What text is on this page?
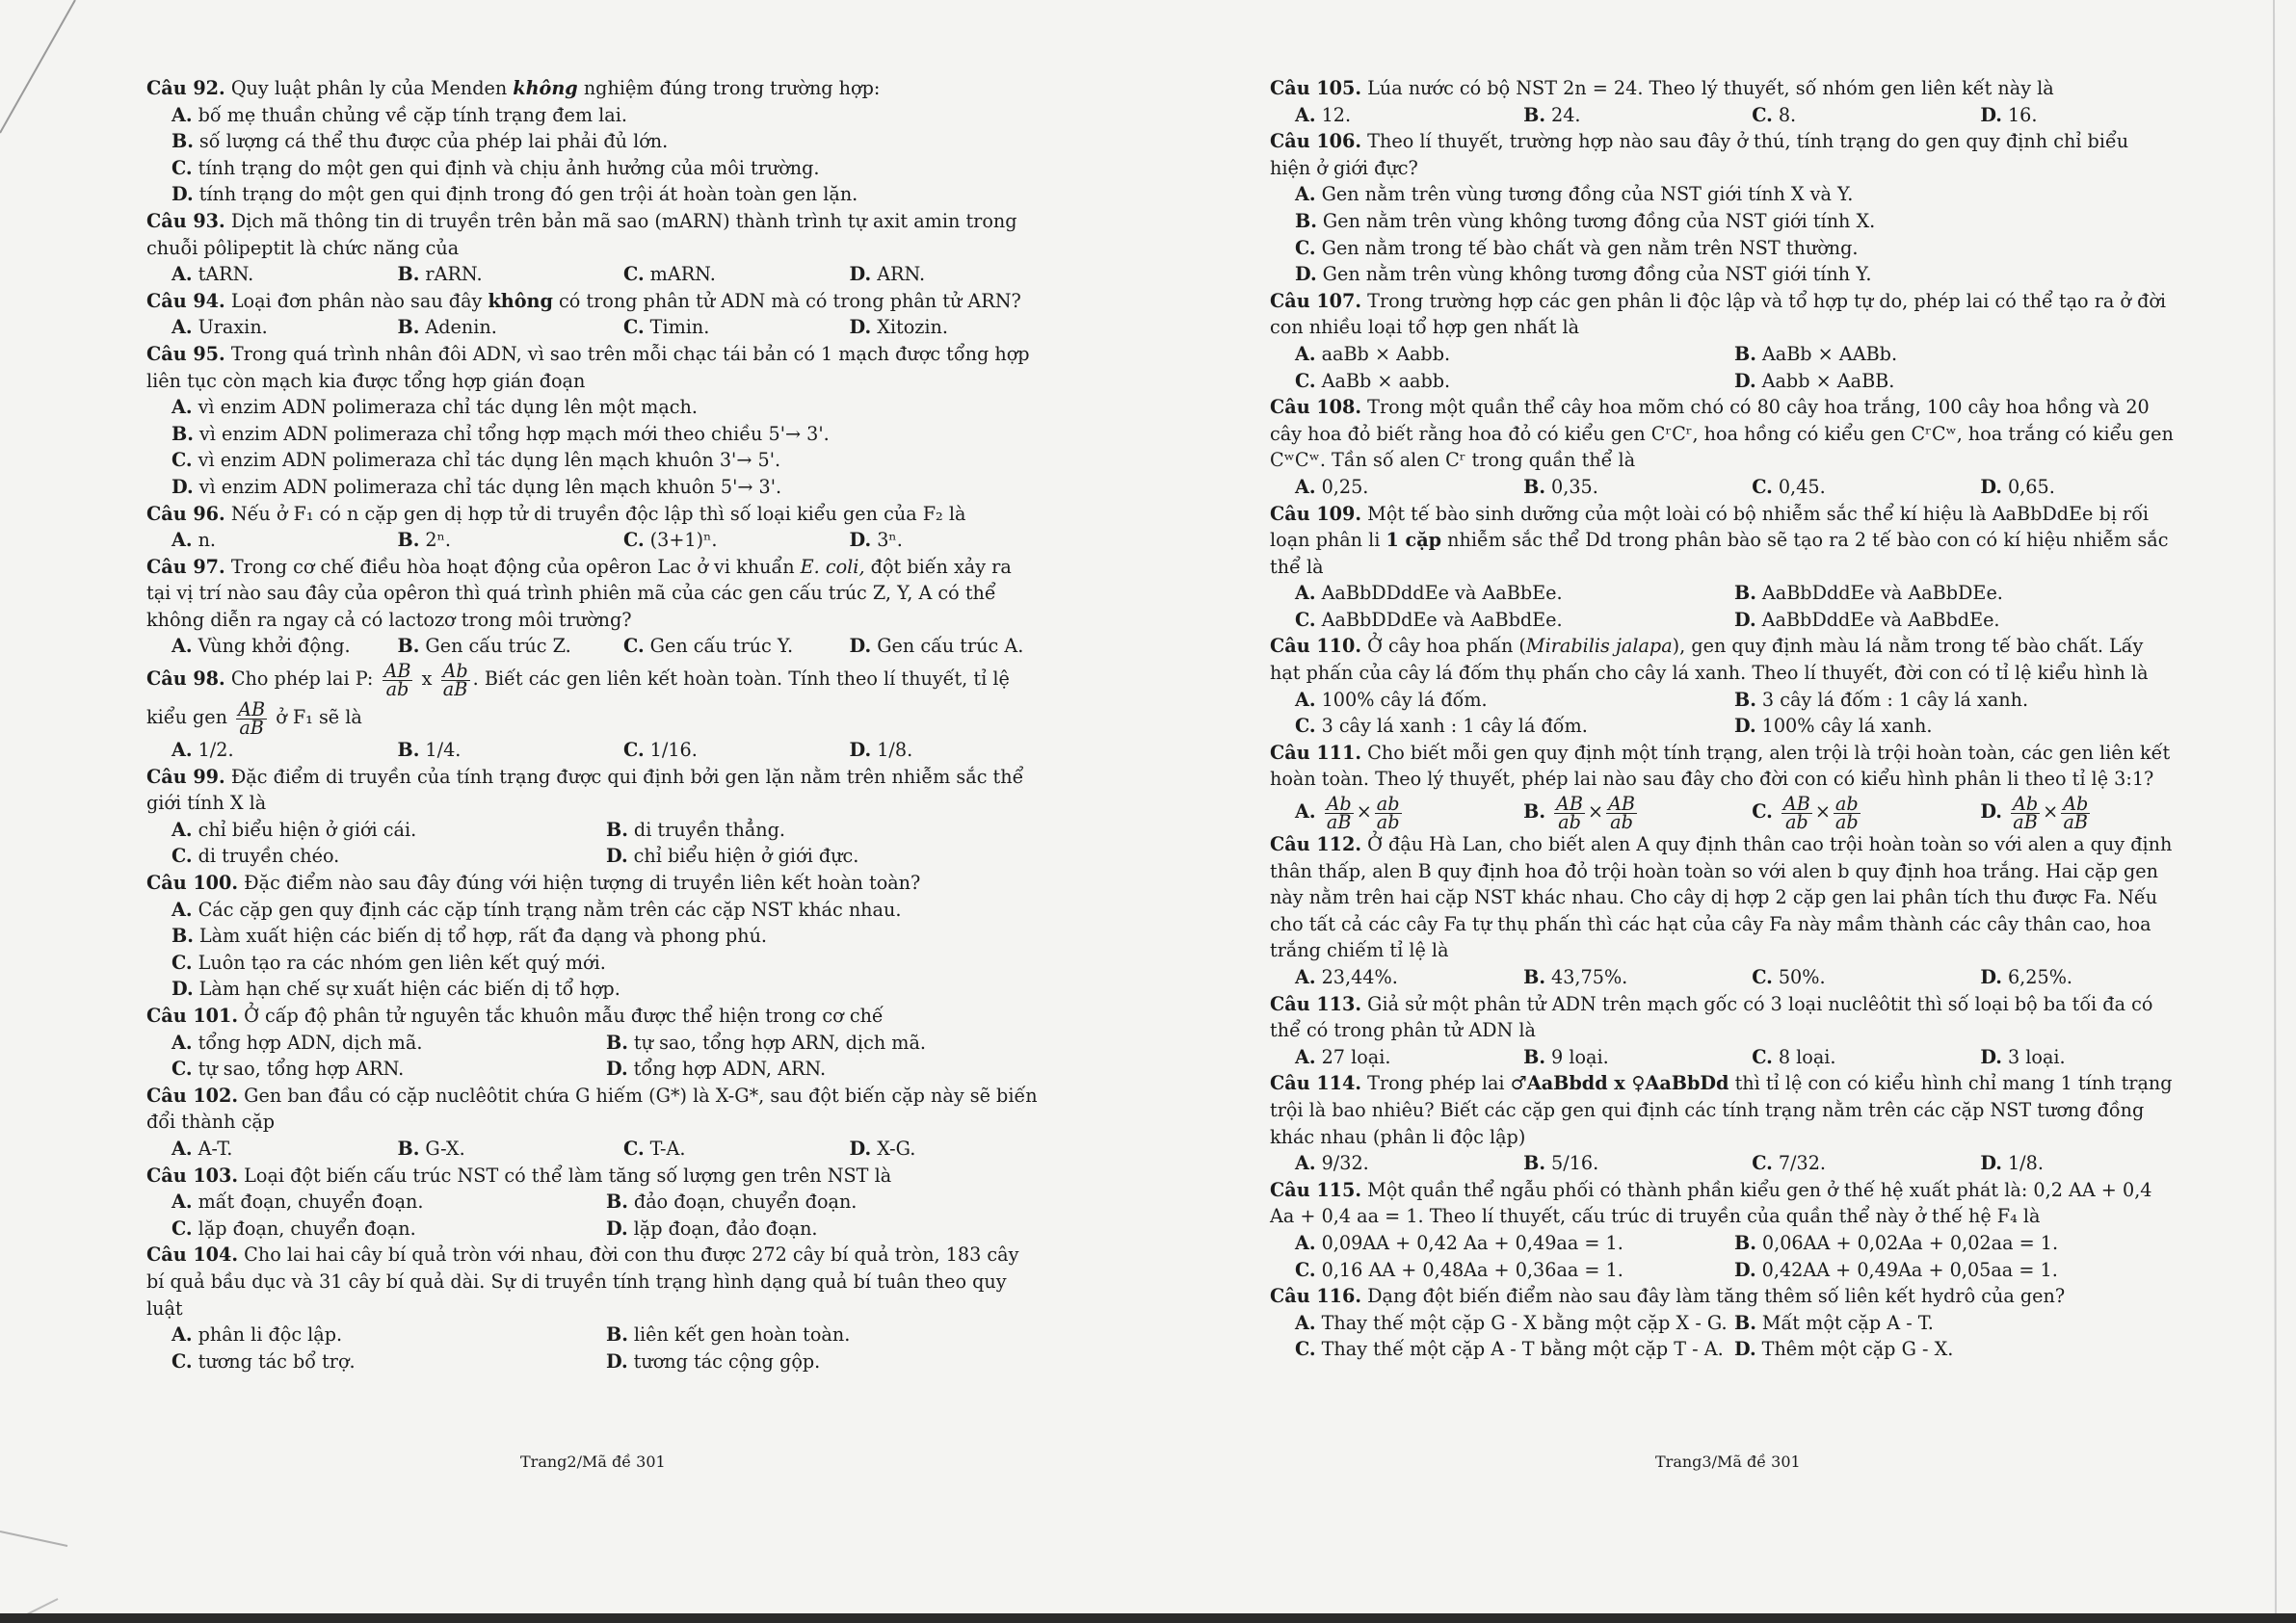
Câu 92. Quy luật phân ly của Menden không nghiệm đúng trong trường hợp:

A. bố mẹ thuần chủng về cặp tính trạng đem lai.
B. số lượng cá thể thu được của phép lai phải đủ lớn.
C. tính trạng do một gen qui định và chịu ảnh hưởng của môi trường.
D. tính trạng do một gen qui định trong đó gen trội át hoàn toàn gen lặn.

Câu 93. Dịch mã thông tin di truyền trên bản mã sao (mARN) thành trình tự axit amin trong chuỗi pôlipeptit là chức năng của

A. tARN.	B. rARN.	C. mARN.	D. ARN.

Câu 94. Loại đơn phân nào sau đây không có trong phân tử ADN mà có trong phân tử ARN?

A. Uraxin.	B. Adenin.	C. Timin.	D. Xitozin.

Câu 95. Trong quá trình nhân đôi ADN, vì sao trên mỗi chạc tái bản có 1 mạch được tổng hợp liên tục còn mạch kia được tổng hợp gián đoạn

A. vì enzim ADN polimeraza chỉ tác dụng lên một mạch.
B. vì enzim ADN polimeraza chỉ tổng hợp mạch mới theo chiều 5'→ 3'.
C. vì enzim ADN polimeraza chỉ tác dụng lên mạch khuôn 3'→ 5'.
D. vì enzim ADN polimeraza chỉ tác dụng lên mạch khuôn 5'→ 3'.

Câu 96. Nếu ở F₁ có n cặp gen dị hợp tử di truyền độc lập thì số loại kiểu gen của F₂ là

A. n.	B. 2ⁿ.	C. (3+1)ⁿ.	D. 3ⁿ.

Câu 97. Trong cơ chế điều hòa hoạt động của opêron Lac ở vi khuẩn E. coli, đột biến xảy ra tại vị trí nào sau đây của opêron thì quá trình phiên mã của các gen cấu trúc Z, Y, A có thể không diễn ra ngay cả có lactozơ trong môi trường?

A. Vùng khởi động.	B. Gen cấu trúc Z.	C. Gen cấu trúc Y.	D. Gen cấu trúc A.

Câu 98. Cho phép lai P: $\frac{AB}{ab}$ x $\frac{Ab}{aB}$ . Biết các gen liên kết hoàn toàn. Tính theo lí thuyết, tỉ lệ

kiểu gen $\frac{AB}{aB}$ ở F₁ sẽ là

A. 1/2.	B. 1/4.	C. 1/16.	D. 1/8.

Câu 99. Đặc điểm di truyền của tính trạng được qui định bởi gen lặn nằm trên nhiễm sắc thể giới tính X là

A. chỉ biểu hiện ở giới cái.	B. di truyền thẳng.
C. di truyền chéo.	D. chỉ biểu hiện ở giới đực.

Câu 100. Đặc điểm nào sau đây đúng với hiện tượng di truyền liên kết hoàn toàn?

A. Các cặp gen quy định các cặp tính trạng nằm trên các cặp NST khác nhau.
B. Làm xuất hiện các biến dị tổ hợp, rất đa dạng và phong phú.
C. Luôn tạo ra các nhóm gen liên kết quý mới.
D. Làm hạn chế sự xuất hiện các biến dị tổ hợp.

Câu 101. Ở cấp độ phân tử nguyên tắc khuôn mẫu được thể hiện trong cơ chế

A. tổng hợp ADN, dịch mã.	B. tự sao, tổng hợp ARN, dịch mã.
C. tự sao, tổng hợp ARN.	D. tổng hợp ADN, ARN.

Câu 102. Gen ban đầu có cặp nuclêôtit chứa G hiếm (G*) là X-G*, sau đột biến cặp này sẽ biến đổi thành cặp

A. A-T.	B. G-X.	C. T-A.	D. X-G.

Câu 103. Loại đột biến cấu trúc NST có thể làm tăng số lượng gen trên NST là

A. mất đoạn, chuyển đoạn.	B. đảo đoạn, chuyển đoạn.
C. lặp đoạn, chuyển đoạn.	D. lặp đoạn, đảo đoạn.

Câu 104. Cho lai hai cây bí quả tròn với nhau, đời con thu được 272 cây bí quả tròn, 183 cây bí quả bầu dục và 31 cây bí quả dài. Sự di truyền tính trạng hình dạng quả bí tuân theo quy luật

A. phân li độc lập.	B. liên kết gen hoàn toàn.
C. tương tác bổ trợ.	D. tương tác cộng gộp.
Trang2/Mã đề 301

Câu 105. Lúa nước có bộ NST 2n = 24. Theo lý thuyết, số nhóm gen liên kết này là

A. 12.	B. 24.	C. 8.	D. 16.

Câu 106. Theo lí thuyết, trường hợp nào sau đây ở thú, tính trạng do gen quy định chỉ biểu hiện ở giới đực?

A. Gen nằm trên vùng tương đồng của NST giới tính X và Y.
B. Gen nằm trên vùng không tương đồng của NST giới tính X.
C. Gen nằm trong tế bào chất và gen nằm trên NST thường.
D. Gen nằm trên vùng không tương đồng của NST giới tính Y.

Câu 107. Trong trường hợp các gen phân li độc lập và tổ hợp tự do, phép lai có thể tạo ra ở đời con nhiều loại tổ hợp gen nhất là

A. aaBb × Aabb.	B. AaBb × AABb.
C. AaBb × aabb.	D. Aabb × AaBB.

Câu 108. Trong một quần thể cây hoa mõm chó có 80 cây hoa trắng, 100 cây hoa hồng và 20 cây hoa đỏ biết rằng hoa đỏ có kiểu gen CʳCʳ, hoa hồng có kiểu gen CʳCʷ, hoa trắng có kiểu gen CʷCʷ. Tần số alen Cʳ trong quần thể là

A. 0,25.	B. 0,35.	C. 0,45.	D. 0,65.

Câu 109. Một tế bào sinh dưỡng của một loài có bộ nhiễm sắc thể kí hiệu là AaBbDdEe bị rối loạn phân li 1 cặp nhiễm sắc thể Dd trong phân bào sẽ tạo ra 2 tế bào con có kí hiệu nhiễm sắc thể là

A. AaBbDDddEe và AaBbEe.	B. AaBbDddEe và AaBbDEe.
C. AaBbDDdEe và AaBbdEe.	D. AaBbDddEe và AaBbdEe.

Câu 110. Ở cây hoa phấn (Mirabilis jalapa), gen quy định màu lá nằm trong tế bào chất. Lấy hạt phấn của cây lá đốm thụ phấn cho cây lá xanh. Theo lí thuyết, đời con có tỉ lệ kiểu hình là

A. 100% cây lá đốm.	B. 3 cây lá đốm : 1 cây lá xanh.
C. 3 cây lá xanh : 1 cây lá đốm.	D. 100% cây lá xanh.

Câu 111. Cho biết mỗi gen quy định một tính trạng, alen trội là trội hoàn toàn, các gen liên kết hoàn toàn. Theo lý thuyết, phép lai nào sau đây cho đời con có kiểu hình phân li theo tỉ lệ 3:1?

A. $\frac{Ab}{aB} \times \frac{ab}{ab}$	B. $\frac{AB}{ab} \times \frac{AB}{ab}$	C. $\frac{AB}{ab} \times \frac{ab}{ab}$	D. $\frac{Ab}{aB} \times \frac{Ab}{aB}$

Câu 112. Ở đậu Hà Lan, cho biết alen A quy định thân cao trội hoàn toàn so với alen a quy định thân thấp, alen B quy định hoa đỏ trội hoàn toàn so với alen b quy định hoa trắng. Hai cặp gen này nằm trên hai cặp NST khác nhau. Cho cây dị hợp 2 cặp gen lai phân tích thu được Fa. Nếu cho tất cả các cây Fa tự thụ phấn thì các hạt của cây Fa này mầm thành các cây thân cao, hoa trắng chiếm tỉ lệ là

A. 23,44%.	B. 43,75%.	C. 50%.	D. 6,25%.

Câu 113. Giả sử một phân tử ADN trên mạch gốc có 3 loại nuclêôtit thì số loại bộ ba tối đa có thể có trong phân tử ADN là

A. 27 loại.	B. 9 loại.	C. 8 loại.	D. 3 loại.

Câu 114. Trong phép lai ♂AaBbdd x ♀AaBbDd thì tỉ lệ con có kiểu hình chỉ mang 1 tính trạng trội là bao nhiêu? Biết các cặp gen qui định các tính trạng nằm trên các cặp NST tương đồng khác nhau (phân li độc lập)

A. 9/32.	B. 5/16.	C. 7/32.	D. 1/8.

Câu 115. Một quần thể ngẫu phối có thành phần kiểu gen ở thế hệ xuất phát là: 0,2 AA + 0,4 Aa + 0,4 aa = 1. Theo lí thuyết, cấu trúc di truyền của quần thể này ở thế hệ F₄ là

A. 0,09AA + 0,42 Aa + 0,49aa = 1.	B. 0,06AA + 0,02Aa + 0,02aa = 1.
C. 0,16 AA + 0,48Aa + 0,36aa = 1.	D. 0,42AA + 0,49Aa + 0,05aa = 1.

Câu 116. Dạng đột biến điểm nào sau đây làm tăng thêm số liên kết hydrô của gen?

A. Thay thế một cặp G - X bằng một cặp X - G. B. Mất một cặp A - T.
C. Thay thế một cặp A - T bằng một cặp T - A. D. Thêm một cặp G - X.
Trang3/Mã đề 301
